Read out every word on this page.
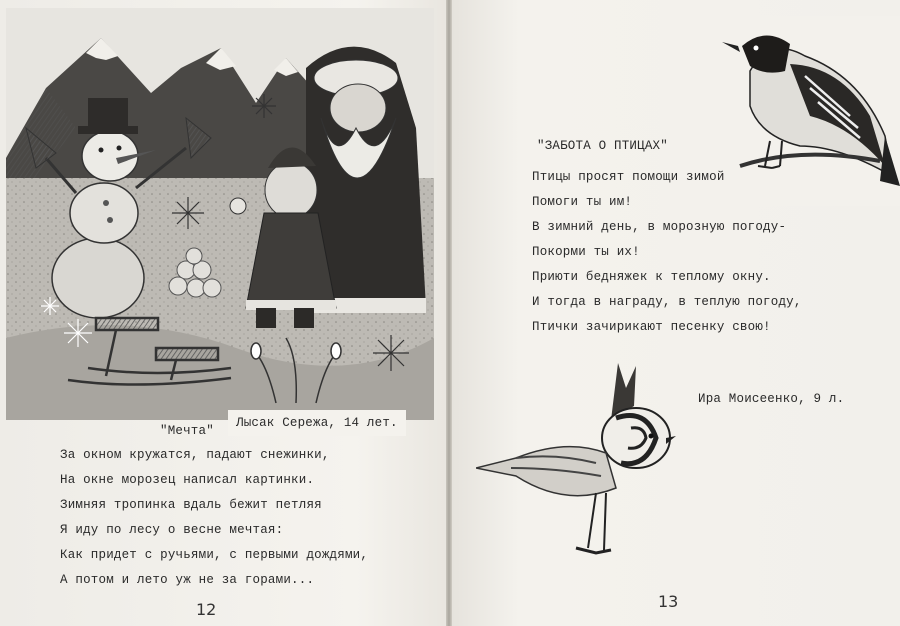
Лысак Сережа, 14 лет.
"Мечта"
За окном кружатся, падают снежинки,
На окне морозец написал картинки.
Зимняя тропинка вдаль бежит петляя
Я иду по лесу о весне мечтая:
Как придет с ручьями, с первыми дождями,
А потом и лето уж не за горами...
12
"ЗАБОТА О ПТИЦАХ"
Птицы просят помощи зимой
Помоги ты им!
В зимний день, в морозную погоду-
Покорми ты их!
Приюти бедняжек к теплому окну.
И тогда в награду, в теплую погоду,
Птички зачирикают песенку свою!
Ира Моисеенко, 9 л.
13
